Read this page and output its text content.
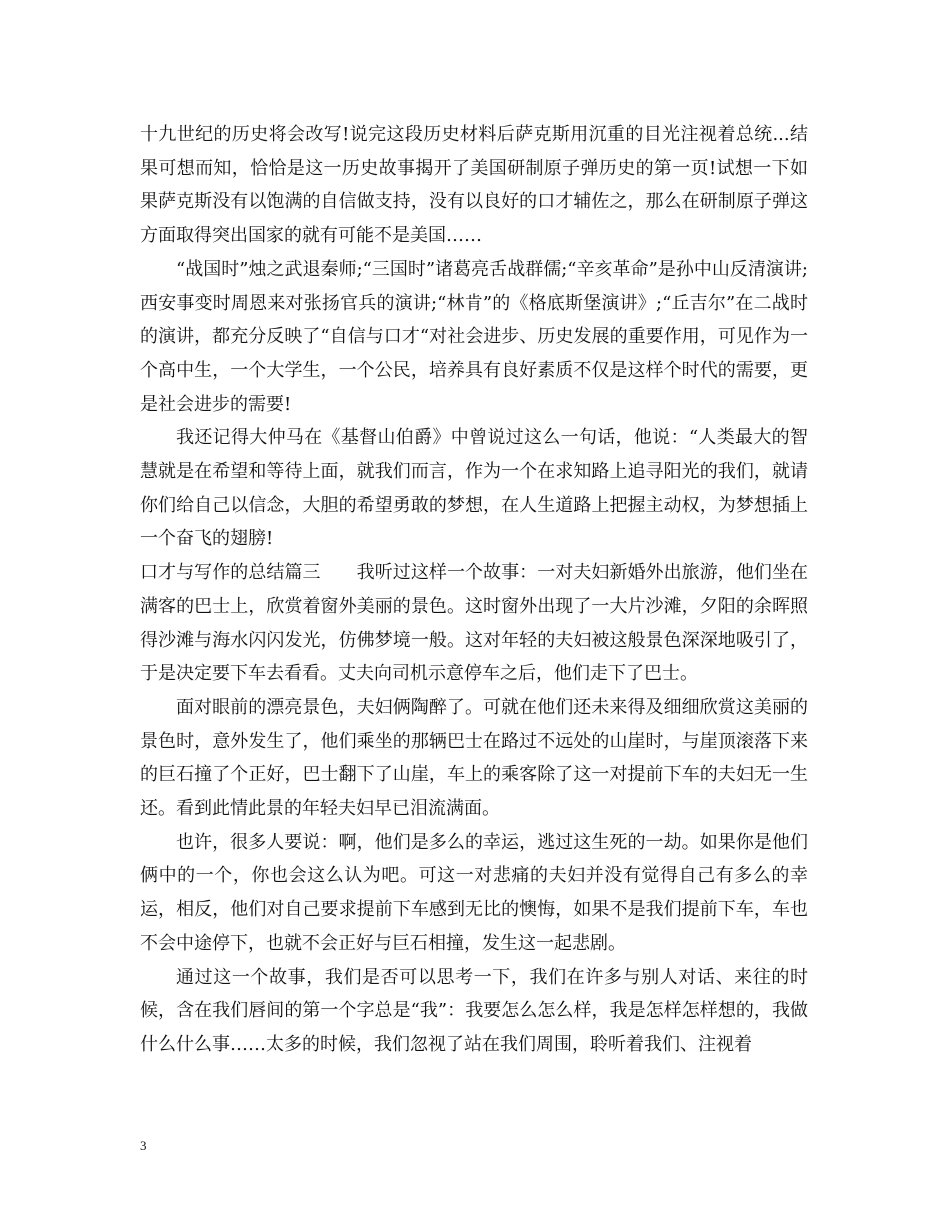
十九世纪的历史将会改写!说完这段历史材料后萨克斯用沉重的目光注视着总统...结果可想而知，恰恰是这一历史故事揭开了美国研制原子弹历史的第一页!试想一下如果萨克斯没有以饱满的自信做支持，没有以良好的口才辅佐之，那么在研制原子弹这方面取得突出国家的就有可能不是美国……

“战国时”烛之武退秦师;“三国时”诸葛亮舌战群儒;“辛亥革命”是孙中山反清演讲;西安事变时周恩来对张扬官兵的演讲;“林肯”的《格底斯堡演讲》;“丘吉尔”在二战时的演讲，都充分反映了“自信与口才“对社会进步、历史发展的重要作用，可见作为一个高中生，一个大学生，一个公民，培养具有良好素质不仅是这样个时代的需要，更是社会进步的需要!

我还记得大仲马在《基督山伯爵》中曾说过这么一句话，他说：“人类最大的智慧就是在希望和等待上面，就我们而言，作为一个在求知路上追寻阳光的我们，就请你们给自己以信念，大胆的希望勇敢的梦想，在人生道路上把握主动权，为梦想插上一个奋飞的翅膀!

口才与写作的总结篇三　　我听过这样一个故事：一对夫妇新婚外出旅游，他们坐在满客的巴士上，欣赏着窗外美丽的景色。这时窗外出现了一大片沙滩，夕阳的余晖照得沙滩与海水闪闪发光，仿佛梦境一般。这对年轻的夫妇被这般景色深深地吸引了，于是决定要下车去看看。丈夫向司机示意停车之后，他们走下了巴士。

面对眼前的漂亮景色，夫妇俩陶醉了。可就在他们还未来得及细细欣赏这美丽的景色时，意外发生了，他们乘坐的那辆巴士在路过不远处的山崖时，与崖顶滚落下来的巨石撞了个正好，巴士翻下了山崖，车上的乘客除了这一对提前下车的夫妇无一生还。看到此情此景的年轻夫妇早已泪流满面。

也许，很多人要说：啊，他们是多么的幸运，逃过这生死的一劫。如果你是他们俩中的一个，你也会这么认为吧。可这一对悲痛的夫妇并没有觉得自己有多么的幸运，相反，他们对自己要求提前下车感到无比的懊悔，如果不是我们提前下车，车也不会中途停下，也就不会正好与巨石相撞，发生这一起悲剧。

通过这一个故事，我们是否可以思考一下，我们在许多与别人对话、来往的时候，含在我们唇间的第一个字总是“我”：我要怎么怎么样，我是怎样怎样想的，我做什么什么事……太多的时候，我们忽视了站在我们周围，聆听着我们、注视着

3
